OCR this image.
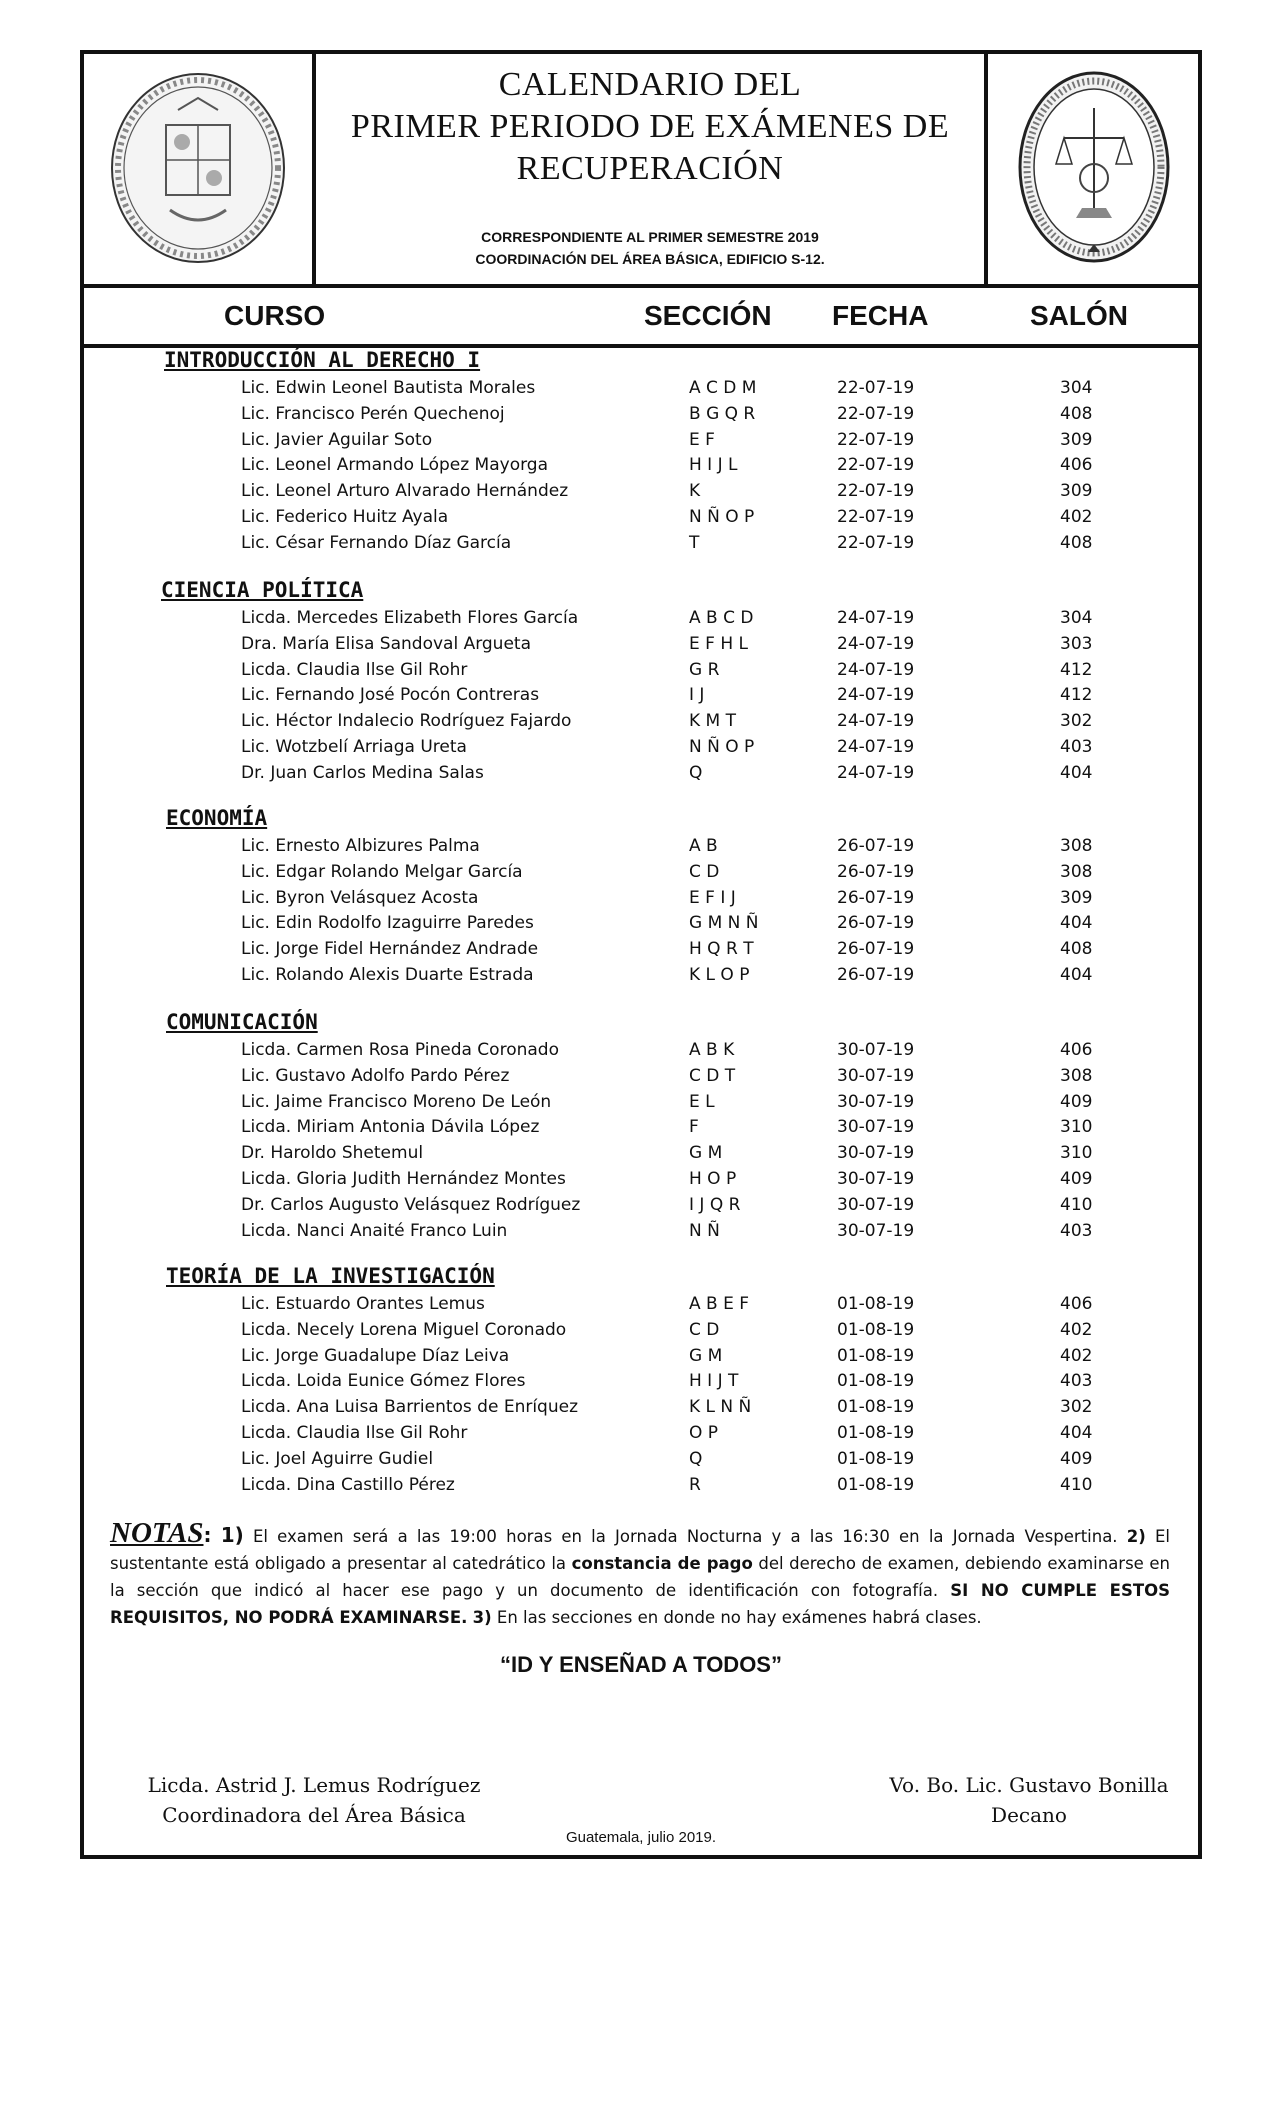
CALENDARIO DEL
PRIMER PERIODO DE EXÁMENES DE
RECUPERACIÓN
CORRESPONDIENTE AL PRIMER SEMESTRE 2019
COORDINACIÓN DEL ÁREA BÁSICA, EDIFICIO S-12.
CURSO	SECCIÓN FECHA	SALÓN
INTRODUCCIÓN AL DERECHO I
Lic. Edwin Leonel Bautista Morales	A C D M	22-07-19	304
Lic. Francisco Perén Quechenoj	B G Q R	22-07-19	408
Lic. Javier Aguilar Soto	E F	22-07-19	309
Lic. Leonel Armando López Mayorga	H I J L	22-07-19	406
Lic. Leonel Arturo Alvarado Hernández	K	22-07-19	309
Lic. Federico Huitz Ayala	N Ñ O P	22-07-19	402
Lic. César Fernando Díaz García	T	22-07-19	408
CIENCIA POLÍTICA
Licda. Mercedes Elizabeth Flores García	A B C D	24-07-19	304
Dra. María Elisa Sandoval Argueta	E F H L	24-07-19	303
Licda. Claudia Ilse Gil Rohr	G R	24-07-19	412
Lic. Fernando José Pocón Contreras	I J	24-07-19	412
Lic. Héctor Indalecio Rodríguez Fajardo	K M T	24-07-19	302
Lic. Wotzbelí Arriaga Ureta	N Ñ O P	24-07-19	403
Dr. Juan Carlos Medina Salas	Q	24-07-19	404
ECONOMÍA
Lic. Ernesto Albizures Palma	A B	26-07-19	308
Lic. Edgar Rolando Melgar García	C D	26-07-19	308
Lic. Byron Velásquez Acosta	E F I J	26-07-19	309
Lic. Edin Rodolfo Izaguirre Paredes	G M N Ñ	26-07-19	404
Lic. Jorge Fidel Hernández Andrade	H Q R T	26-07-19	408
Lic. Rolando Alexis Duarte Estrada	K L O P	26-07-19	404
COMUNICACIÓN
Licda. Carmen Rosa Pineda Coronado	A B K	30-07-19	406
Lic. Gustavo Adolfo Pardo Pérez	C D T	30-07-19	308
Lic. Jaime Francisco Moreno De León	E L	30-07-19	409
Licda. Miriam Antonia Dávila López	F	30-07-19	310
Dr. Haroldo Shetemul	G M	30-07-19	310
Licda. Gloria Judith Hernández Montes	H O P	30-07-19	409
Dr. Carlos Augusto Velásquez Rodríguez	I J Q R	30-07-19	410
Licda. Nanci Anaité Franco Luin	N Ñ	30-07-19	403
TEORÍA DE LA INVESTIGACIÓN
Lic. Estuardo Orantes Lemus	A B E F	01-08-19	406
Licda. Necely Lorena Miguel Coronado	C D	01-08-19	402
Lic. Jorge Guadalupe Díaz Leiva	G M	01-08-19	402
Licda. Loida Eunice Gómez Flores	H I J T	01-08-19	403
Licda. Ana Luisa Barrientos de Enríquez	K L N Ñ	01-08-19	302
Licda. Claudia Ilse Gil Rohr	O P	01-08-19	404
Lic. Joel Aguirre Gudiel	Q	01-08-19	409
Licda. Dina Castillo Pérez	R	01-08-19	410
NOTAS: 1) El examen será a las 19:00 horas en la Jornada Nocturna y a las 16:30 en la Jornada Vespertina. 2) El sustentante está obligado a presentar al catedrático la constancia de pago del derecho de examen, debiendo examinarse en la sección que indicó al hacer ese pago y un documento de identificación con fotografía. SI NO CUMPLE ESTOS REQUISITOS, NO PODRÁ EXAMINARSE. 3) En las secciones en donde no hay exámenes habrá clases.
“ID Y ENSEÑAD A TODOS”
Licda. Astrid J. Lemus Rodríguez
Coordinadora del Área Básica
Vo. Bo. Lic. Gustavo Bonilla
Decano
Guatemala, julio 2019.
